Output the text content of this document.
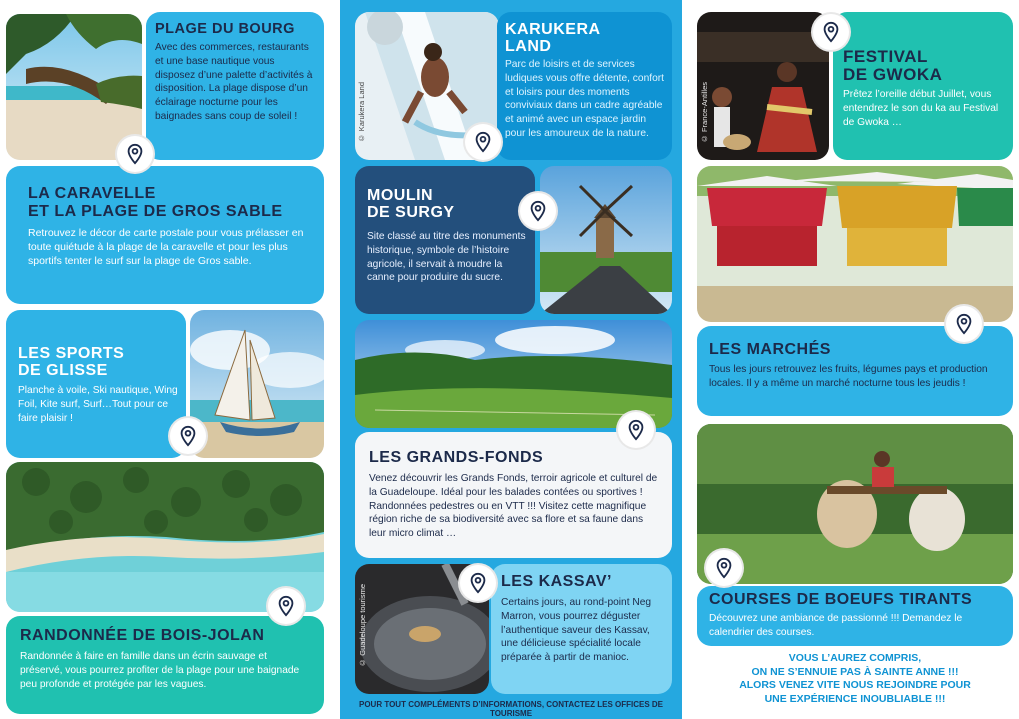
PLAGE DU BOURG

Avec des commerces, restaurants et une base nautique vous disposez d’une palette d’activités à disposition. La plage dispose d’un éclairage nocturne pour les baignades sans coup de soleil !

LA CARAVELLE
ET LA PLAGE DE GROS SABLE

Retrouvez le décor de carte postale pour vous prélasser en toute quiétude à la plage de la caravelle et pour les plus sportifs tenter le surf sur la plage de Gros sable.

LES SPORTS
DE GLISSE

Planche à voile, Ski nautique, Wing Foil, Kite surf, Surf…Tout pour ce faire plaisir !

RANDONNÉE DE BOIS-JOLAN

Randonnée à faire en famille dans un écrin sauvage et préservé, vous pourrez profiter de la plage pour une baignade peu profonde et protégée par les vagues.

© Karukera Land
KARUKERA
LAND

Parc de loisirs et de services ludiques vous offre détente, confort et loisirs pour des moments conviviaux dans un cadre agréable et animé avec un espace jardin pour les amoureux de la nature.

MOULIN
DE SURGY

Site classé au titre des monuments historique, symbole de l’histoire agricole, il servait à moudre la canne pour produire du sucre.

LES GRANDS-FONDS

Venez découvrir les Grands Fonds, terroir agricole et culturel de la Guadeloupe. Idéal pour les balades contées ou sportives ! Randonnées pedestres ou en VTT !!! Visitez cette magnifique région riche de sa biodiversité avec sa flore et sa faune dans leur micro climat …

© Guadeloupe tourisme
LES KASSAV’

Certains jours, au rond-point Neg Marron, vous pourrez déguster l’authentique saveur des Kassav, une délicieuse spécialité locale préparée à partir de manioc.

POUR TOUT COMPLÉMENTS D’INFORMATIONS, CONTACTEZ LES OFFICES DE TOURISME
© France-Antilles
FESTIVAL
DE GWOKA

Prêtez l’oreille début Juillet, vous entendrez le son du ka au Festival de Gwoka …

LES MARCHÉS

Tous les jours retrouvez les fruits, légumes pays et production locales. Il y a même un marché nocturne tous les jeudis !

COURSES DE BOEUFS TIRANTS

Découvrez une ambiance de passionné !!! Demandez le calendrier des courses.

VOUS L’AUREZ COMPRIS,
ON NE S’ENNUIE PAS À SAINTE ANNE !!!
ALORS VENEZ VITE NOUS REJOINDRE POUR
UNE EXPÉRIENCE INOUBLIABLE !!!
